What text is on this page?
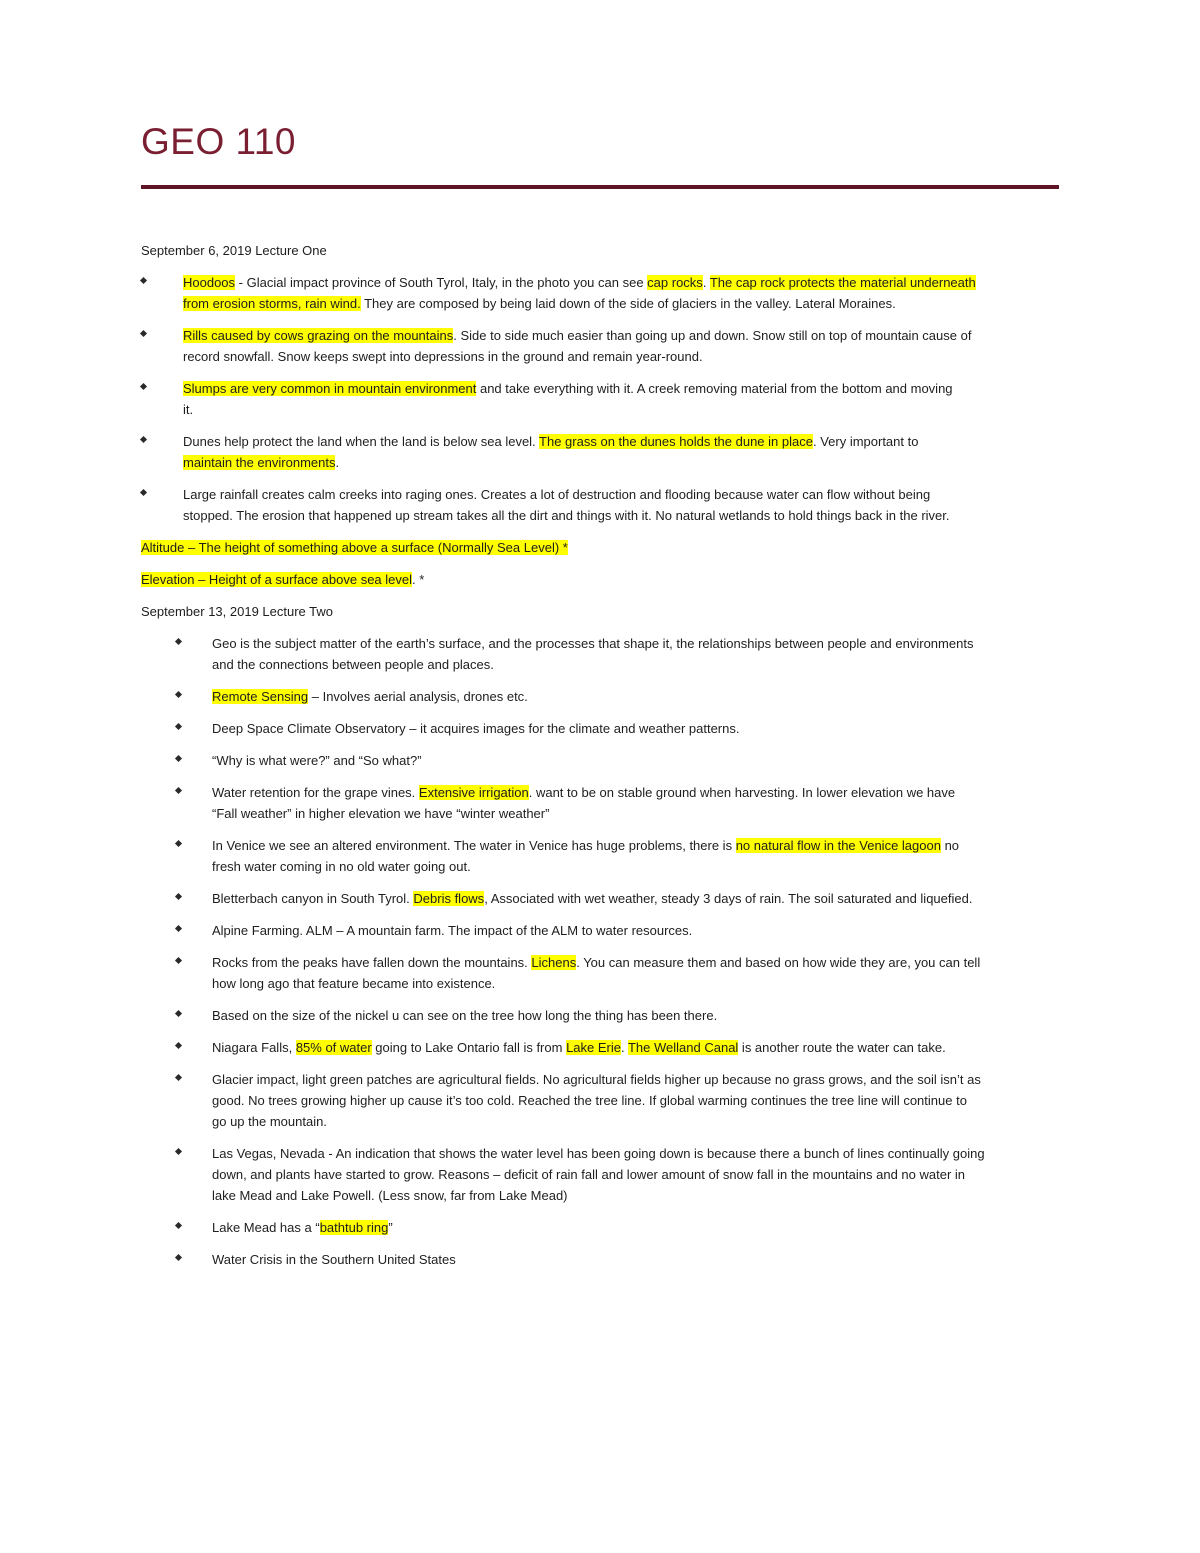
GEO 110

September 6, 2019 Lecture One

Hoodoos - Glacial impact province of South Tyrol, Italy, in the photo you can see cap rocks. The cap rock protects the material underneath
from erosion storms, rain wind. They are composed by being laid down of the side of glaciers in the valley. Lateral Moraines.
Rills caused by cows grazing on the mountains. Side to side much easier than going up and down. Snow still on top of mountain cause of
record snowfall. Snow keeps swept into depressions in the ground and remain year-round.
Slumps are very common in mountain environment and take everything with it. A creek removing material from the bottom and moving
it.
Dunes help protect the land when the land is below sea level. The grass on the dunes holds the dune in place. Very important to
maintain the environments.
Large rainfall creates calm creeks into raging ones. Creates a lot of destruction and flooding because water can flow without being
stopped. The erosion that happened up stream takes all the dirt and things with it. No natural wetlands to hold things back in the river.

Altitude – The height of something above a surface (Normally Sea Level) *

Elevation – Height of a surface above sea level. *

September 13, 2019 Lecture Two

Geo is the subject matter of the earth’s surface, and the processes that shape it, the relationships between people and environments
and the connections between people and places.
Remote Sensing – Involves aerial analysis, drones etc.
Deep Space Climate Observatory – it acquires images for the climate and weather patterns.
“Why is what were?” and “So what?”
Water retention for the grape vines. Extensive irrigation. want to be on stable ground when harvesting. In lower elevation we have
“Fall weather” in higher elevation we have “winter weather”
In Venice we see an altered environment. The water in Venice has huge problems, there is no natural flow in the Venice lagoon no
fresh water coming in no old water going out.
Bletterbach canyon in South Tyrol. Debris flows, Associated with wet weather, steady 3 days of rain. The soil saturated and liquefied.
Alpine Farming. ALM – A mountain farm. The impact of the ALM to water resources.
Rocks from the peaks have fallen down the mountains. Lichens. You can measure them and based on how wide they are, you can tell
how long ago that feature became into existence.
Based on the size of the nickel u can see on the tree how long the thing has been there.
Niagara Falls, 85% of water going to Lake Ontario fall is from Lake Erie. The Welland Canal is another route the water can take.
Glacier impact, light green patches are agricultural fields. No agricultural fields higher up because no grass grows, and the soil isn’t as
good. No trees growing higher up cause it’s too cold. Reached the tree line. If global warming continues the tree line will continue to
go up the mountain.
Las Vegas, Nevada - An indication that shows the water level has been going down is because there a bunch of lines continually going
down, and plants have started to grow. Reasons – deficit of rain fall and lower amount of snow fall in the mountains and no water in
lake Mead and Lake Powell. (Less snow, far from Lake Mead)
Lake Mead has a “bathtub ring”
Water Crisis in the Southern United States
